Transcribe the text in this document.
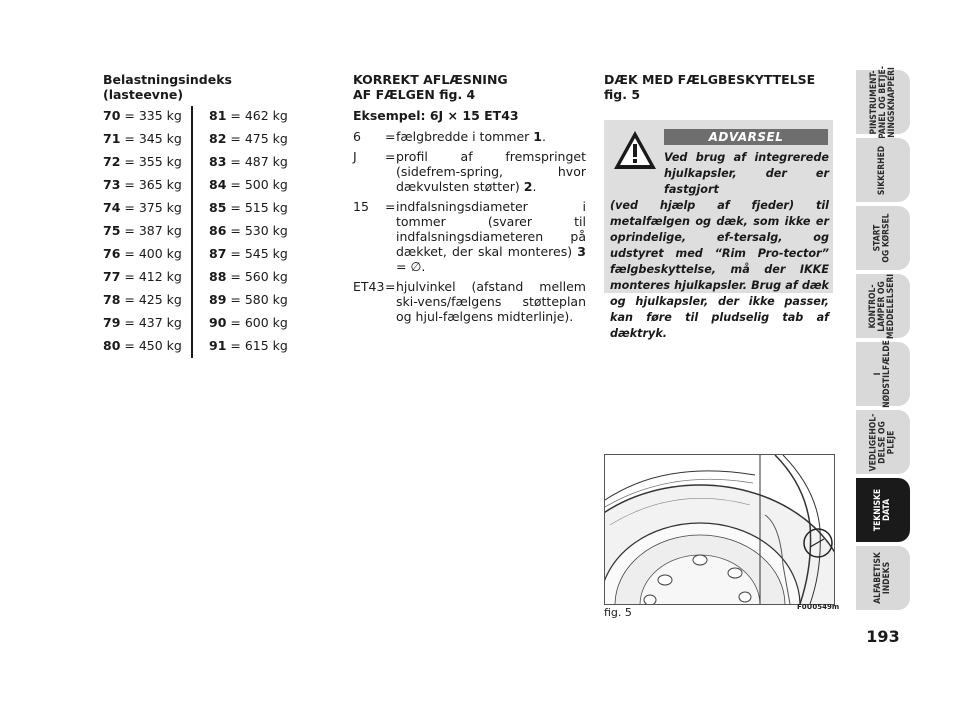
Belastningsindeks (lasteevne)
70 = 335 kg 81 = 462 kg
71 = 345 kg 82 = 475 kg
72 = 355 kg 83 = 487 kg
73 = 365 kg 84 = 500 kg
74 = 375 kg 85 = 515 kg
75 = 387 kg 86 = 530 kg
76 = 400 kg 87 = 545 kg
77 = 412 kg 88 = 560 kg
78 = 425 kg 89 = 580 kg
79 = 437 kg 90 = 600 kg
80 = 450 kg 91 = 615 kg
KORREKT AFLÆSNING
AF FÆLGEN fig. 4
Eksempel: 6J × 15 ET43
6	= fælgbredde i tommer 1.
J	= profil af fremspringet (sidefrem-spring, hvor dækvulsten støtter) 2.
15	= indfalsningsdiameter i tommer (svarer til indfalsningsdiameteren på dækket, der skal monteres) 3 = ∅.
ET43 = hjulvinkel (afstand mellem ski-vens/fælgens støtteplan og hjul-fælgens midterlinje).
DÆK MED FÆLGBESKYTTELSE
fig. 5
ADVARSEL
Ved brug af integrerede hjulkapsler, der er fastgjort
(ved hjælp af fjeder) til metalfælgen og dæk, som ikke er oprindelige, ef-tersalg, og udstyret med “Rim Pro-tector” fælgbeskyttelse, må der IKKE monteres hjulkapsler. Brug af dæk og hjulkapsler, der ikke passer, kan føre til pludselig tab af dæktryk.
fig. 5	F0U0549m
PINSTRUMENT-
PANEL OG BETJE-
NINGSKNAPPERI
SIKKERHED
START
OG KØRSEL
KONTROL-
LAMPER OG
MEDDELELSERI
I
NØDSTILFÆLDE
VEDLIGEHOL-
DELSE OG
PLEJE
TEKNISKE
DATA
ALFABETISK
INDEKS
193
